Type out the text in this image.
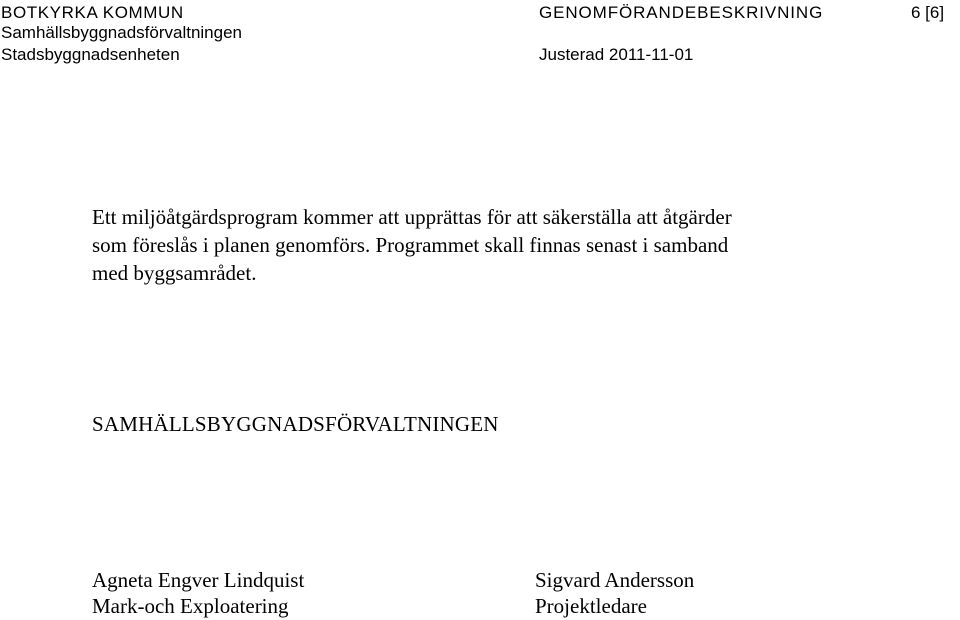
BOTKYRKA KOMMUN
Samhällsbyggnadsförvaltningen
Stadsbyggnadsenheten
GENOMFÖRANDEBESKRIVNING
Justerad 2011-11-01
6 [6]
Ett miljöåtgärdsprogram kommer att upprättas för att säkerställa att åtgärder
som föreslås i planen genomförs. Programmet skall finnas senast i samband
med byggsamrådet.
SAMHÄLLSBYGGNADSFÖRVALTNINGEN
Agneta Engver Lindquist
Mark-och Exploatering
Sigvard Andersson
Projektledare
